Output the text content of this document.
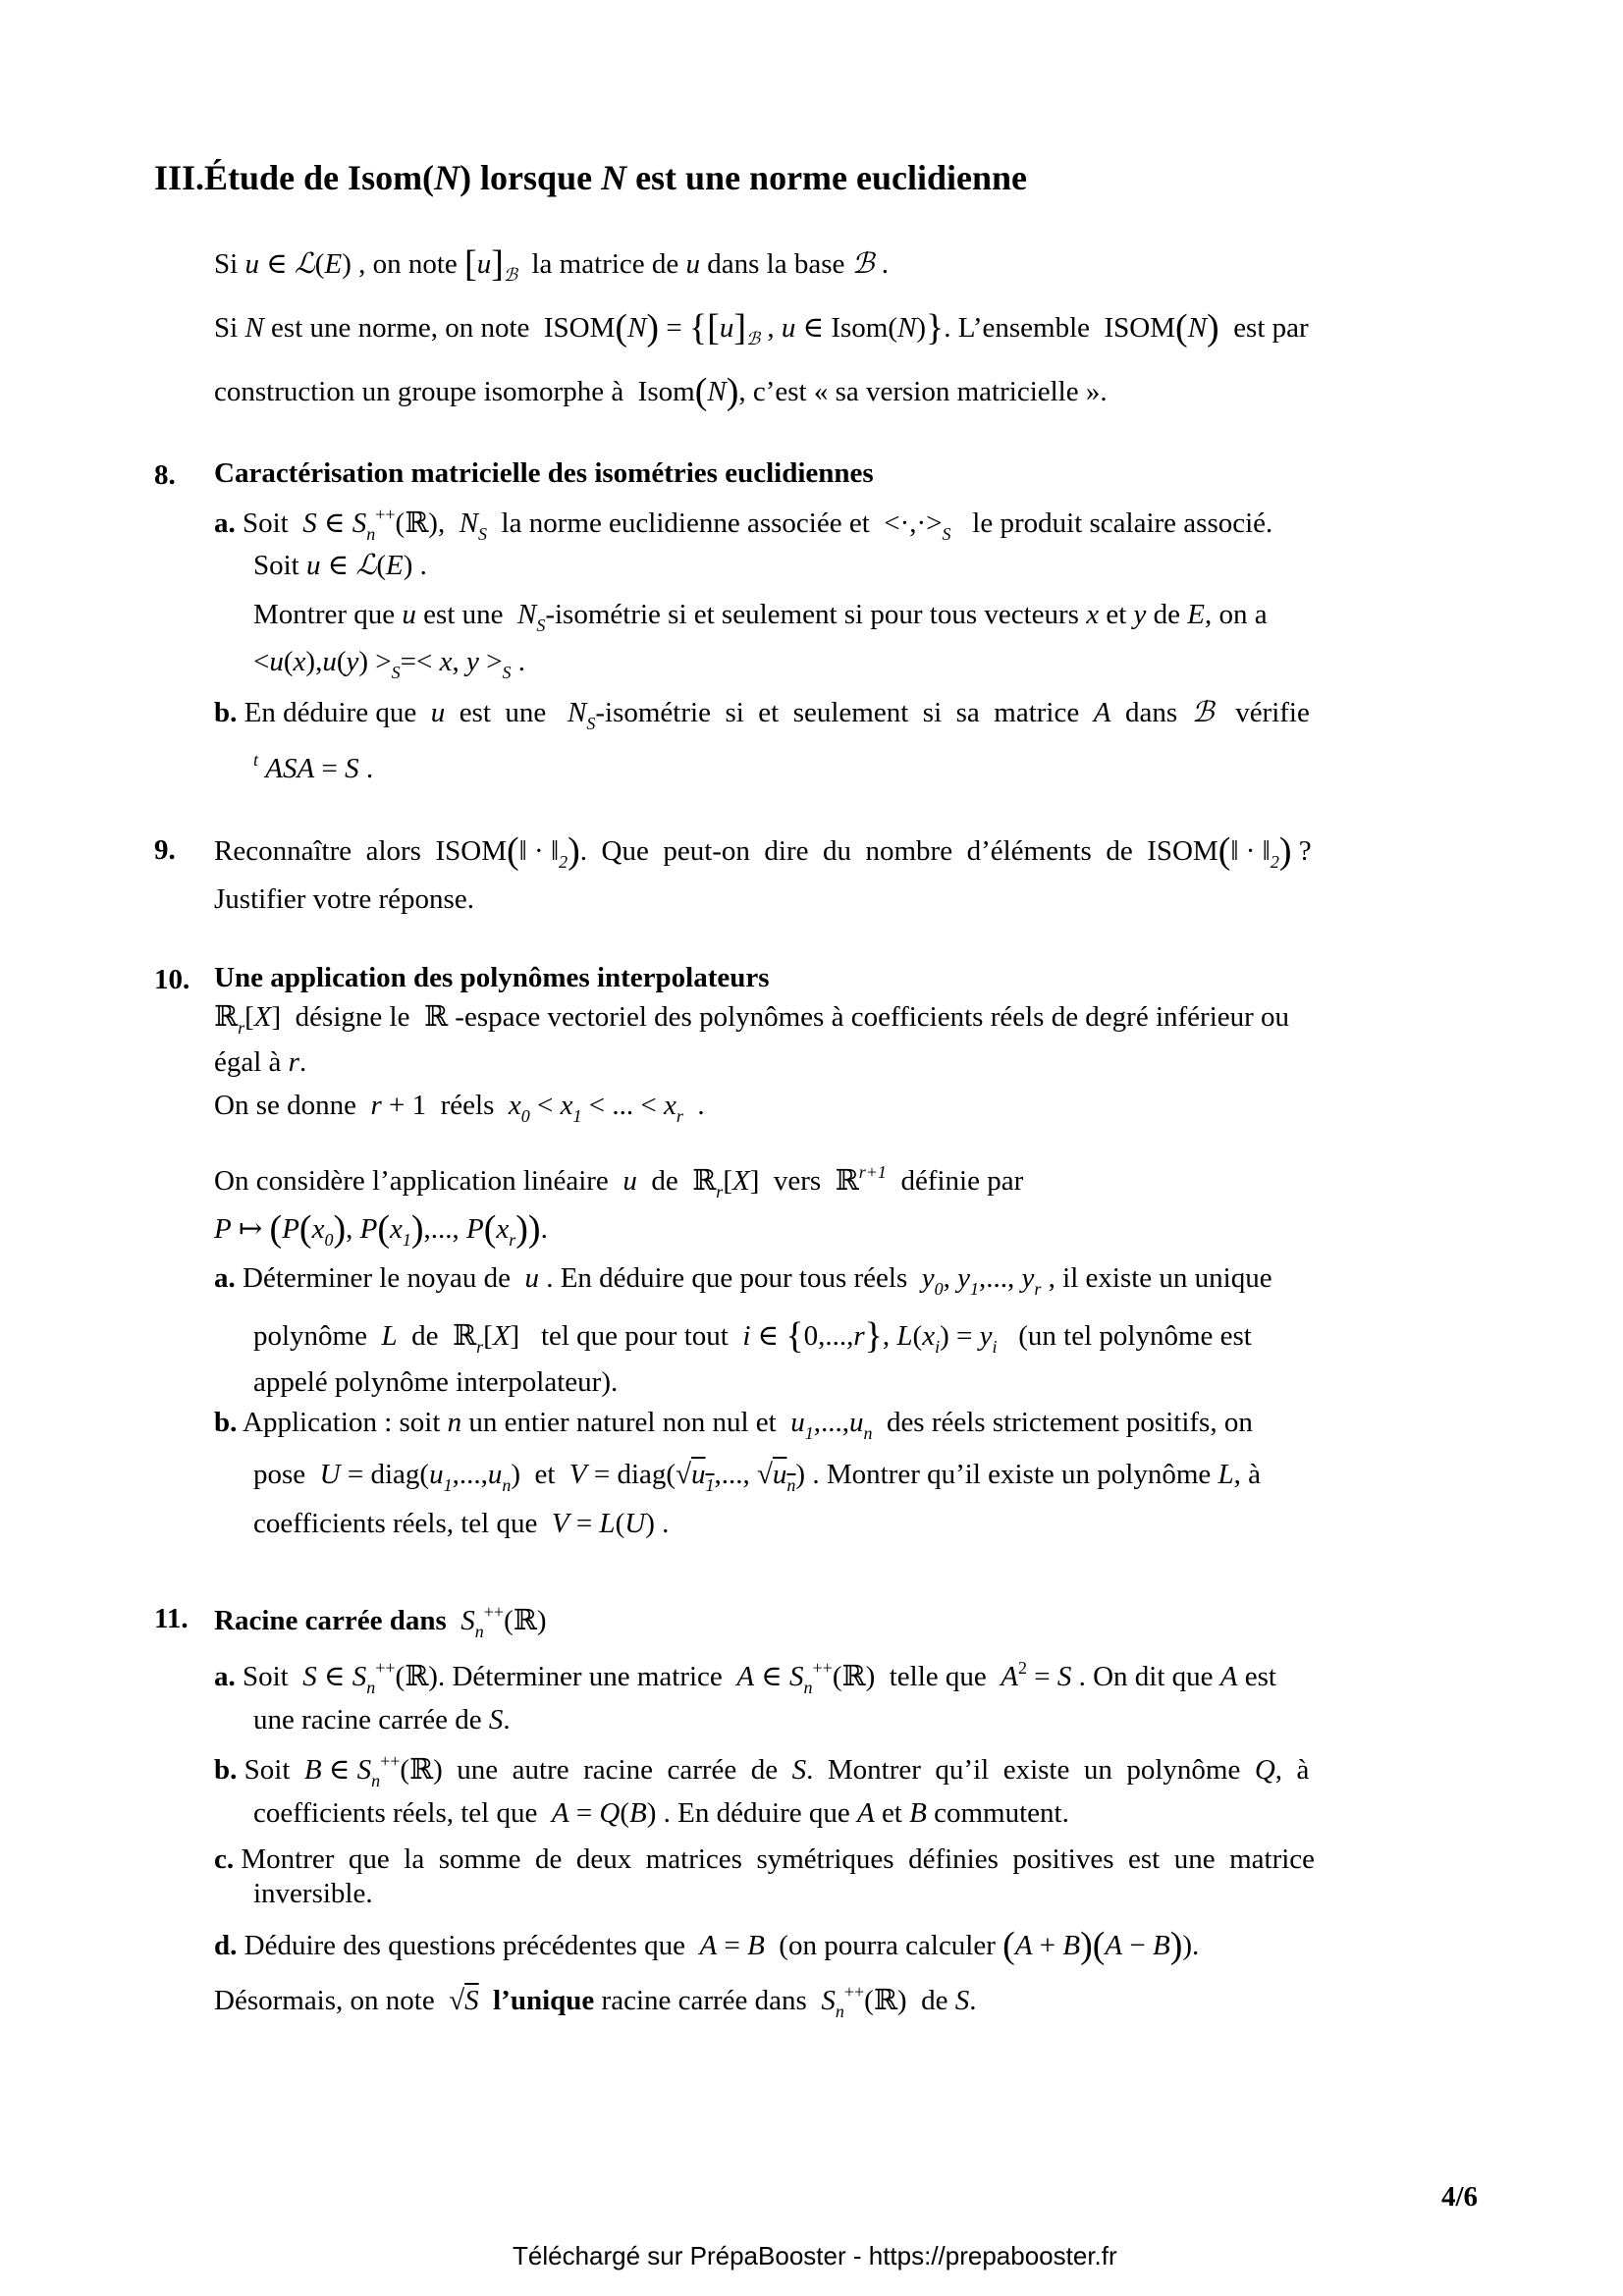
III.Étude de Isom(N) lorsque N est une norme euclidienne
Si u ∈ ℒ(E) , on note $[u]_ℬ$  la matrice de u dans la base ℬ .
Si N est une norme, on note  ISOM(N) = {$[u]_ℬ$ , u ∈ Isom(N)}. L’ensemble  ISOM(N)  est par
construction un groupe isomorphe à  Isom(N), c’est « sa version matricielle ».
8. Caractérisation matricielle des isométries euclidiennes
a. Soit  S ∈ $S_n^{++}(ℝ)$,  $N_S$  la norme euclidienne associée et  $<\cdot,\cdot>_S$   le produit scalaire associé.
Soit u ∈ ℒ(E) .
Montrer que u est une  $N_S$-isométrie si et seulement si pour tous vecteurs x et y de E, on a
$<u(x),u(y) >_S=< x$, $y >_S$ .
b. En déduire que  u  est  une   $N_S$-isométrie  si  et  seulement  si  sa  matrice  A  dans  ℬ   vérifie
$^t$ ASA = S .
9. Reconnaître  alors  ISOM(‖ · $‖_2$).  Que  peut-on  dire  du  nombre  d’éléments  de  ISOM(‖ · $‖_2$) ?
Justifier votre réponse.
10. Une application des polynômes interpolateurs
ℝ$_r$[X]  désigne le  ℝ -espace vectoriel des polynômes à coefficients réels de degré inférieur ou
égal à r.
On se donne  r + 1  réels  $x_0 < x_1$ < ... < $x_r$  .
On considère l’application linéaire  u  de  ℝ$_r$[X]  vers  ℝ$^{r+1}$  définie par
P ↦ ($P(x_0)$, $P(x_1)$,..., $P(x_r)$).
a. Déterminer le noyau de  u . En déduire que pour tous réels  $y_0$, $y_1$,..., $y_r$ , il existe un unique
polynôme  L  de  ℝ$_r$[X]   tel que pour tout  i ∈ {0,...,r}, $L(x_i) = y_i$   (un tel polynôme est
appelé polynôme interpolateur).
b. Application : soit n un entier naturel non nul et  $u_1,...,u_n$  des réels strictement positifs, on
pose  $U = diag(u_1,...,u_n)$  et  $V = diag(√u_1$,..., $√u_n$) . Montrer qu’il existe un polynôme L, à
coefficients réels, tel que  V = L(U) .
11. Racine carrée dans $S_n^{++}(ℝ)$
a. Soit  S ∈ $S_n^{++}(ℝ)$. Déterminer une matrice  A ∈ $S_n^{++}(ℝ)$  telle que  $A^2 = S$ . On dit que A est
une racine carrée de S.
b. Soit  B ∈ $S_n^{++}(ℝ)$  une  autre  racine  carrée  de  S.  Montrer  qu’il  existe  un  polynôme  Q,  à
coefficients réels, tel que  A = Q(B) . En déduire que A et B commutent.
c. Montrer  que  la  somme  de  deux  matrices  symétriques  définies  positives  est  une  matrice
inversible.
d. Déduire des questions précédentes que  A = B  (on pourra calculer (A + B)(A − B)).
Désormais, on note  √S l’unique racine carrée dans  $S_n^{++}(ℝ)$  de S.
4/6
Téléchargé sur PrépaBooster - https://prepabooster.fr
